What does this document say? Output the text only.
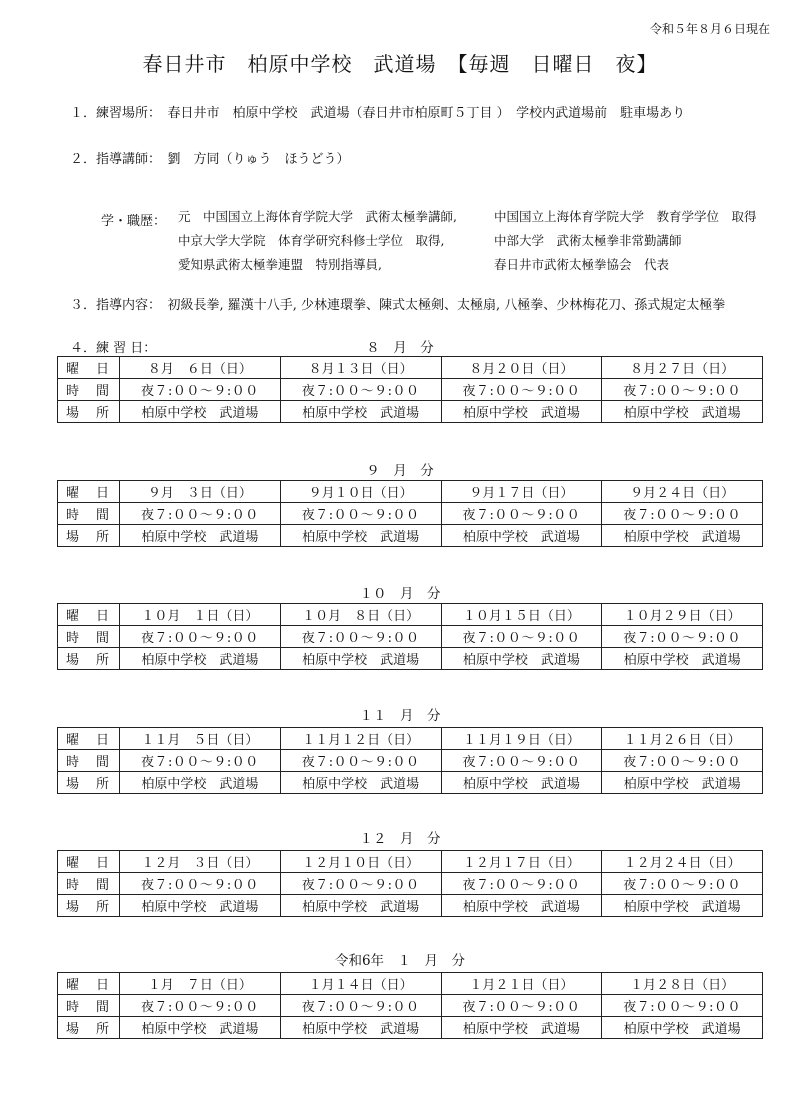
令和５年８月６日現在
春日井市　柏原中学校　武道場　【毎週　日曜日　夜】
１．練習場所：　春日井市　柏原中学校　武道場（春日井市柏原町５丁目 ）　学校内武道場前　駐車場あり
２．指導講師：　劉　方同（りゅう　ほうどう）
学・職歴： 元　中国国立上海体育学院大学　武術太極拳講師,	中国国立上海体育学院大学　教育学学位　取得
中京大学大学院　体育学研究科修士学位　取得,	中部大学　武術太極拳非常勤講師
愛知県武術太極拳連盟　特別指導員,	春日井市武術太極拳協会　代表
３．指導内容：　初級長拳, 羅漢十八手, 少林連環拳、陳式太極剣、太極扇, 八極拳、少林梅花刀、孫式規定太極拳
４．練 習 日：	８　月　分
曜　日	８月　６日（日）	８月１３日（日）	８月２０日（日）	８月２７日（日）
時　間	夜７:００～９:００	夜７:００～９:００	夜７:００～９:００	夜７:００～９:００
場　所	柏原中学校　武道場	柏原中学校　武道場	柏原中学校　武道場	柏原中学校　武道場
９　月　分
曜　日	９月　３日（日）	９月１０日（日）	９月１７日（日）	９月２４日（日）
時　間	夜７:００～９:００	夜７:００～９:００	夜７:００～９:００	夜７:００～９:００
場　所	柏原中学校　武道場	柏原中学校　武道場	柏原中学校　武道場	柏原中学校　武道場
１０　月　分
曜　日	１０月　１日（日）	１０月　８日（日）	１０月１５日（日）	１０月２９日（日）
時　間	夜７:００～９:００	夜７:００～９:００	夜７:００～９:００	夜７:００～９:００
場　所	柏原中学校　武道場	柏原中学校　武道場	柏原中学校　武道場	柏原中学校　武道場
１１　月　分
曜　日	１１月　５日（日）	１１月１２日（日）	１１月１９日（日）	１１月２６日（日）
時　間	夜７:００～９:００	夜７:００～９:００	夜７:００～９:００	夜７:００～９:００
場　所	柏原中学校　武道場	柏原中学校　武道場	柏原中学校　武道場	柏原中学校　武道場
１２　月　分
曜　日	１２月　３日（日）	１２月１０日（日）	１２月１７日（日）	１２月２４日（日）
時　間	夜７:００～９:００	夜７:００～９:００	夜７:００～９:００	夜７:００～９:００
場　所	柏原中学校　武道場	柏原中学校　武道場	柏原中学校　武道場	柏原中学校　武道場
令和6年　１　月　分
曜　日	１月　７日（日）	１月１４日（日）	１月２１日（日）	１月２８日（日）
時　間	夜７:００～９:００	夜７:００～９:００	夜７:００～９:００	夜７:００～９:００
場　所	柏原中学校　武道場	柏原中学校　武道場	柏原中学校　武道場	柏原中学校　武道場
